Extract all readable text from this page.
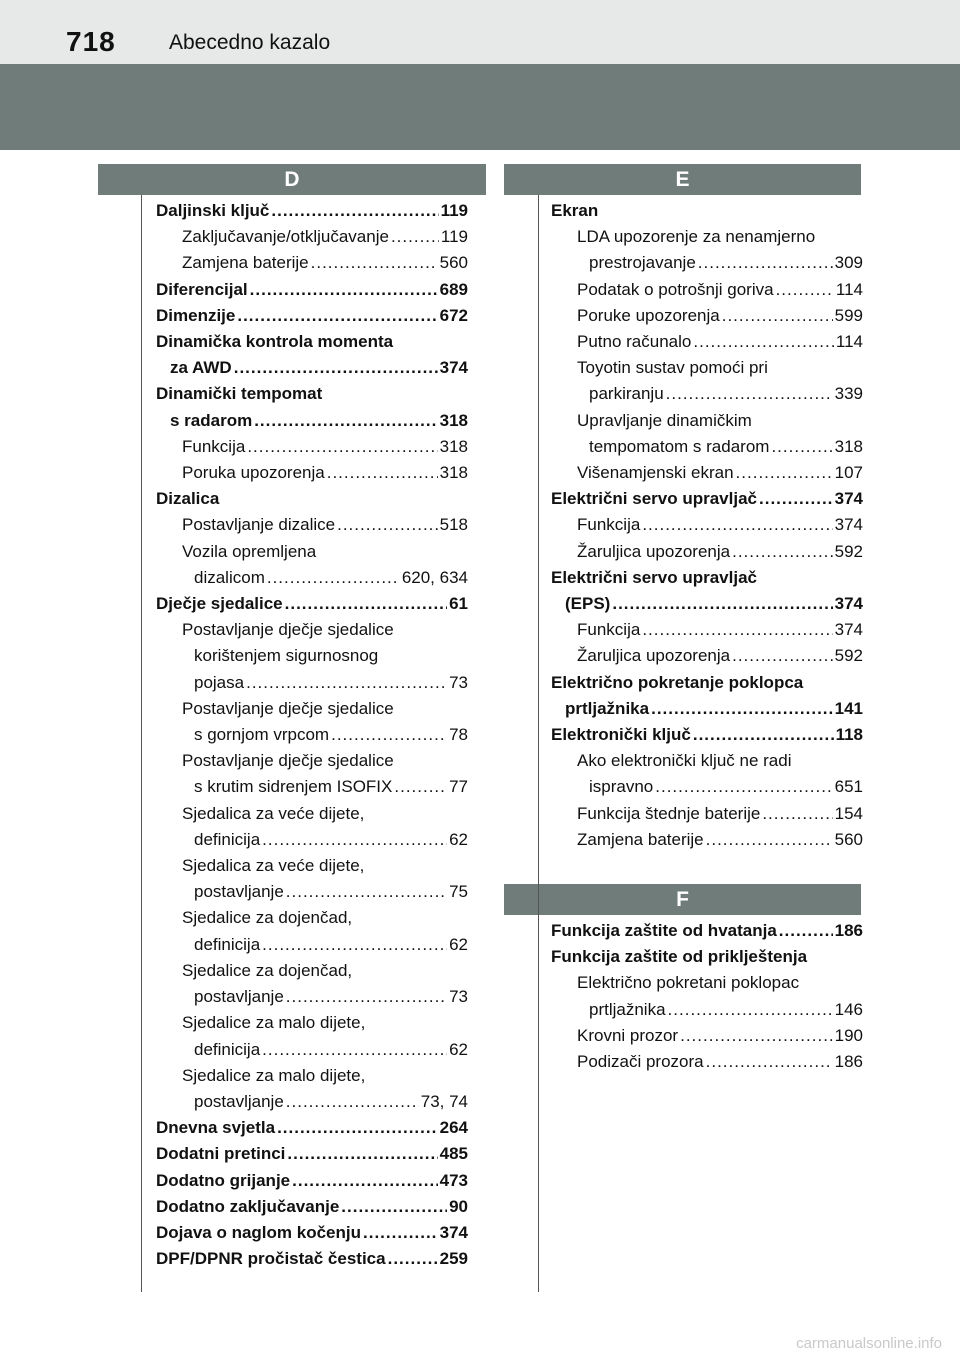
718	Abecedno kazalo
D	E
F
Daljinski ključ .....	119
Zaključavanje/otključavanje .....	119
Zamjena baterije .....	560
Diferencijal .....	689
Dimenzije .....	672
Dinamička kontrola momenta
za AWD .....	374
Dinamički tempomat
s radarom .....	318
Funkcija .....	318
Poruka upozorenja .....	318
Dizalica
Postavljanje dizalice .....	518
Vozila opremljena
dizalicom .....	620, 634
Dječje sjedalice .....	61
Postavljanje dječje sjedalice
korištenjem sigurnosnog
pojasa .....	73
Postavljanje dječje sjedalice
s gornjom vrpcom .....	78
Postavljanje dječje sjedalice
s krutim sidrenjem ISOFIX .....	77
Sjedalica za veće dijete,
definicija .....	62
Sjedalica za veće dijete,
postavljanje .....	75
Sjedalice za dojenčad,
definicija .....	62
Sjedalice za dojenčad,
postavljanje .....	73
Sjedalice za malo dijete,
definicija .....	62
Sjedalice za malo dijete,
postavljanje .....	73, 74
Dnevna svjetla .....	264
Dodatni pretinci .....	485
Dodatno grijanje .....	473
Dodatno zaključavanje .....	90
Dojava o naglom kočenju .....	374
DPF/DPNR pročistač čestica .....	259
Ekran
LDA upozorenje za nenamjerno
prestrojavanje .....	309
Podatak o potrošnji goriva .....	114
Poruke upozorenja .....	599
Putno računalo .....	114
Toyotin sustav pomoći pri
parkiranju .....	339
Upravljanje dinamičkim
tempomatom s radarom .....	318
Višenamjenski ekran .....	107
Električni servo upravljač .....	374
Funkcija .....	374
Žaruljica upozorenja .....	592
Električni servo upravljač
(EPS) .....	374
Funkcija .....	374
Žaruljica upozorenja .....	592
Električno pokretanje poklopca
prtljažnika .....	141
Elektronički ključ .....	118
Ako elektronički ključ ne radi
ispravno .....	651
Funkcija štednje baterije .....	154
Zamjena baterije .....	560
Funkcija zaštite od hvatanja .....	186
Funkcija zaštite od priklještenja
Električno pokretani poklopac
prtljažnika .....	146
Krovni prozor .....	190
Podizači prozora .....	186
carmanualsonline.info
